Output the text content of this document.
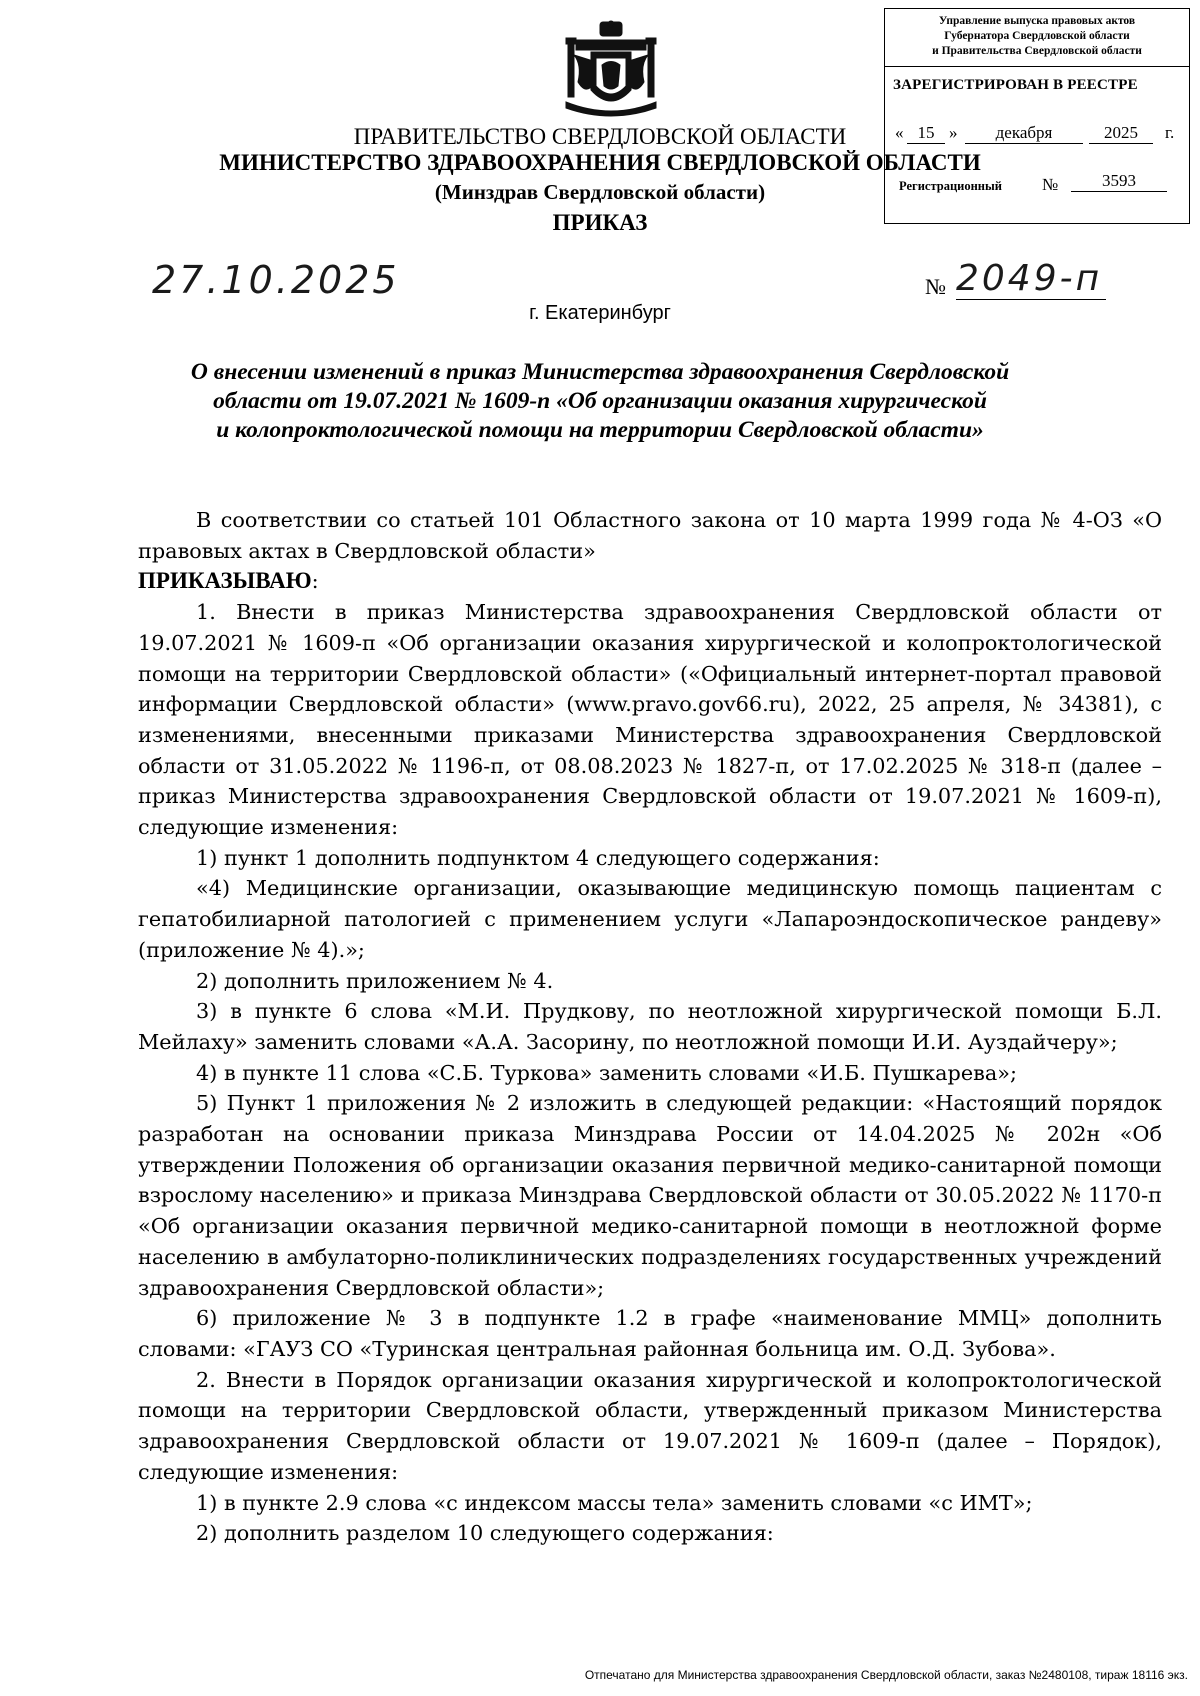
Управление выпуска правовых актов
Губернатора Свердловской области
и Правительства Свердловской области
ЗАРЕГИСТРИРОВАН В РЕЕСТРЕ
« 15 »	декабря	2025	г.
Регистрационный №	3593
ПРАВИТЕЛЬСТВО СВЕРДЛОВСКОЙ ОБЛАСТИ
МИНИСТЕРСТВО ЗДРАВООХРАНЕНИЯ СВЕРДЛОВСКОЙ ОБЛАСТИ
(Минздрав Свердловской области)
ПРИКАЗ
27.10.2025	№ 2049-п
г. Екатеринбург
О внесении изменений в приказ Министерства здравоохранения Свердловской
области от 19.07.2021 № 1609-п «Об организации оказания хирургической
и колопроктологической помощи на территории Свердловской области»

В соответствии со статьей 101 Областного закона от 10 марта 1999 года № 4-ОЗ «О правовых актах в Свердловской области»

ПРИКАЗЫВАЮ:

1. Внести в приказ Министерства здравоохранения Свердловской области от 19.07.2021 № 1609-п «Об организации оказания хирургической и колопроктологической помощи на территории Свердловской области» («Официальный интернет-портал правовой информации Свердловской области» (www.pravo.gov66.ru), 2022, 25 апреля, № 34381), с изменениями, внесенными приказами Министерства здравоохранения Свердловской области от 31.05.2022 № 1196-п, от 08.08.2023 № 1827-п, от 17.02.2025 № 318-п (далее – приказ Министерства здравоохранения Свердловской области от 19.07.2021 № 1609-п), следующие изменения:

1) пункт 1 дополнить подпунктом 4 следующего содержания:

«4) Медицинские организации, оказывающие медицинскую помощь пациентам с гепатобилиарной патологией с применением услуги «Лапароэндоскопическое рандеву» (приложение № 4).»;

2) дополнить приложением № 4.

3) в пункте 6 слова «М.И. Прудкову, по неотложной хирургической помощи Б.Л. Мейлаху» заменить словами «А.А. Засорину, по неотложной помощи И.И. Ауздайчеру»;

4) в пункте 11 слова «С.Б. Туркова» заменить словами «И.Б. Пушкарева»;

5) Пункт 1 приложения № 2 изложить в следующей редакции: «Настоящий порядок разработан на основании приказа Минздрава России от 14.04.2025 № 202н «Об утверждении Положения об организации оказания первичной медико-санитарной помощи взрослому населению» и приказа Минздрава Свердловской области от 30.05.2022 № 1170-п «Об организации оказания первичной медико-санитарной помощи в неотложной форме населению в амбулаторно-поликлинических подразделениях государственных учреждений здравоохранения Свердловской области»;

6) приложение № 3 в подпункте 1.2 в графе «наименование ММЦ» дополнить словами: «ГАУЗ СО «Туринская центральная районная больница им. О.Д. Зубова».

2. Внести в Порядок организации оказания хирургической и колопроктологической помощи на территории Свердловской области, утвержденный приказом Министерства здравоохранения Свердловской области от 19.07.2021 № 1609-п (далее – Порядок), следующие изменения:

1) в пункте 2.9 слова «с индексом массы тела» заменить словами «с ИМТ»;

2) дополнить разделом 10 следующего содержания:

Отпечатано для Министерства здравоохранения Свердловской области, заказ №2480108, тираж 18116 экз.
